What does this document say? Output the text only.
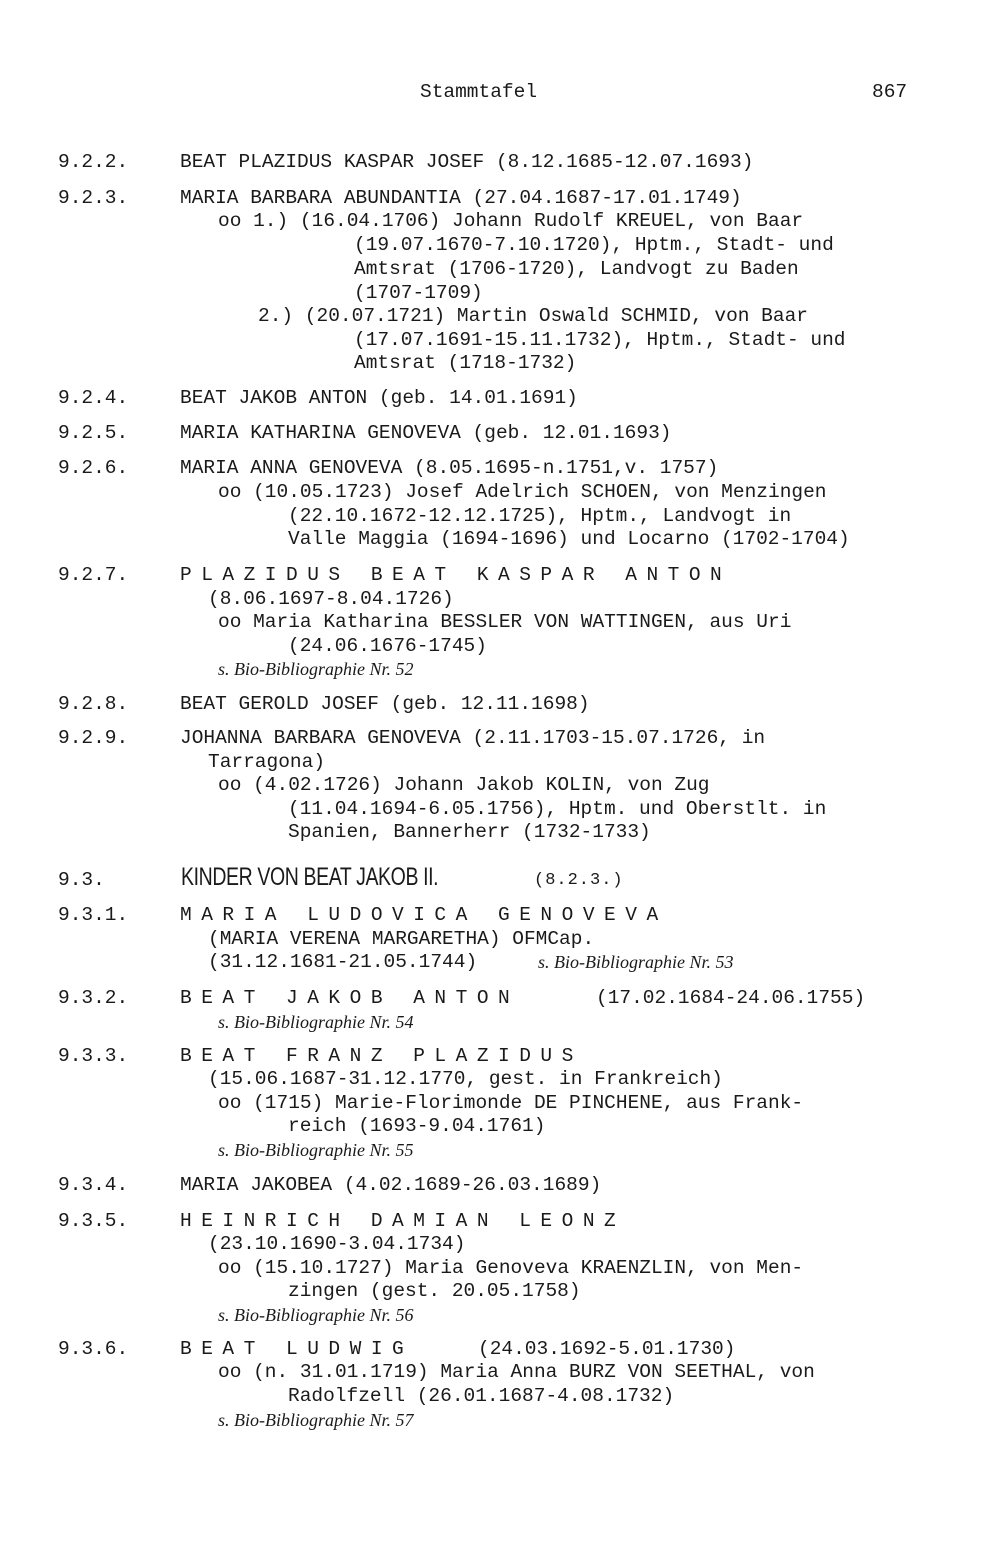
Stammtafel	867
9.2.2.	BEAT PLAZIDUS KASPAR JOSEF (8.12.1685-12.07.1693)
9.2.3.	MARIA BARBARA ABUNDANTIA (27.04.1687-17.01.1749)
oo 1.) (16.04.1706) Johann Rudolf KREUEL, von Baar
(19.07.1670-7.10.1720), Hptm., Stadt- und
Amtsrat (1706-1720), Landvogt zu Baden
(1707-1709)
2.) (20.07.1721) Martin Oswald SCHMID, von Baar
(17.07.1691-15.11.1732), Hptm., Stadt- und
Amtsrat (1718-1732)
9.2.4.	BEAT JAKOB ANTON (geb. 14.01.1691)
9.2.5.	MARIA KATHARINA GENOVEVA (geb. 12.01.1693)
9.2.6.	MARIA ANNA GENOVEVA (8.05.1695-n.1751,v. 1757)
oo (10.05.1723) Josef Adelrich SCHOEN, von Menzingen
(22.10.1672-12.12.1725), Hptm., Landvogt in
Valle Maggia (1694-1696) und Locarno (1702-1704)
9.2.7.	PLAZIDUS BEAT KASPAR ANTON
(8.06.1697-8.04.1726)
oo Maria Katharina BESSLER VON WATTINGEN, aus Uri
(24.06.1676-1745)
s. Bio-Bibliographie Nr. 52
9.2.8.	BEAT GEROLD JOSEF (geb. 12.11.1698)
9.2.9.	JOHANNA BARBARA GENOVEVA (2.11.1703-15.07.1726, in
Tarragona)
oo (4.02.1726) Johann Jakob KOLIN, von Zug
(11.04.1694-6.05.1756), Hptm. und Oberstlt. in
Spanien, Bannerherr (1732-1733)
9.3.	KINDER VON BEAT JAKOB II.	(8.2.3.)
9.3.1.	MARIA LUDOVICA GENOVEVA
(MARIA VERENA MARGARETHA) OFMCap.
(31.12.1681-21.05.1744)	s. Bio-Bibliographie Nr. 53
9.3.2.	BEAT JAKOB ANTON	(17.02.1684-24.06.1755)
s. Bio-Bibliographie Nr. 54
9.3.3.	BEAT FRANZ PLAZIDUS
(15.06.1687-31.12.1770, gest. in Frankreich)
oo (1715) Marie-Florimonde DE PINCHENE, aus Frank-
reich (1693-9.04.1761)
s. Bio-Bibliographie Nr. 55
9.3.4.	MARIA JAKOBEA (4.02.1689-26.03.1689)
9.3.5.	HEINRICH DAMIAN LEONZ
(23.10.1690-3.04.1734)
oo (15.10.1727) Maria Genoveva KRAENZLIN, von Men-
zingen (gest. 20.05.1758)
s. Bio-Bibliographie Nr. 56
9.3.6.	BEAT LUDWIG	(24.03.1692-5.01.1730)
oo (n. 31.01.1719) Maria Anna BURZ VON SEETHAL, von
Radolfzell (26.01.1687-4.08.1732)
s. Bio-Bibliographie Nr. 57
